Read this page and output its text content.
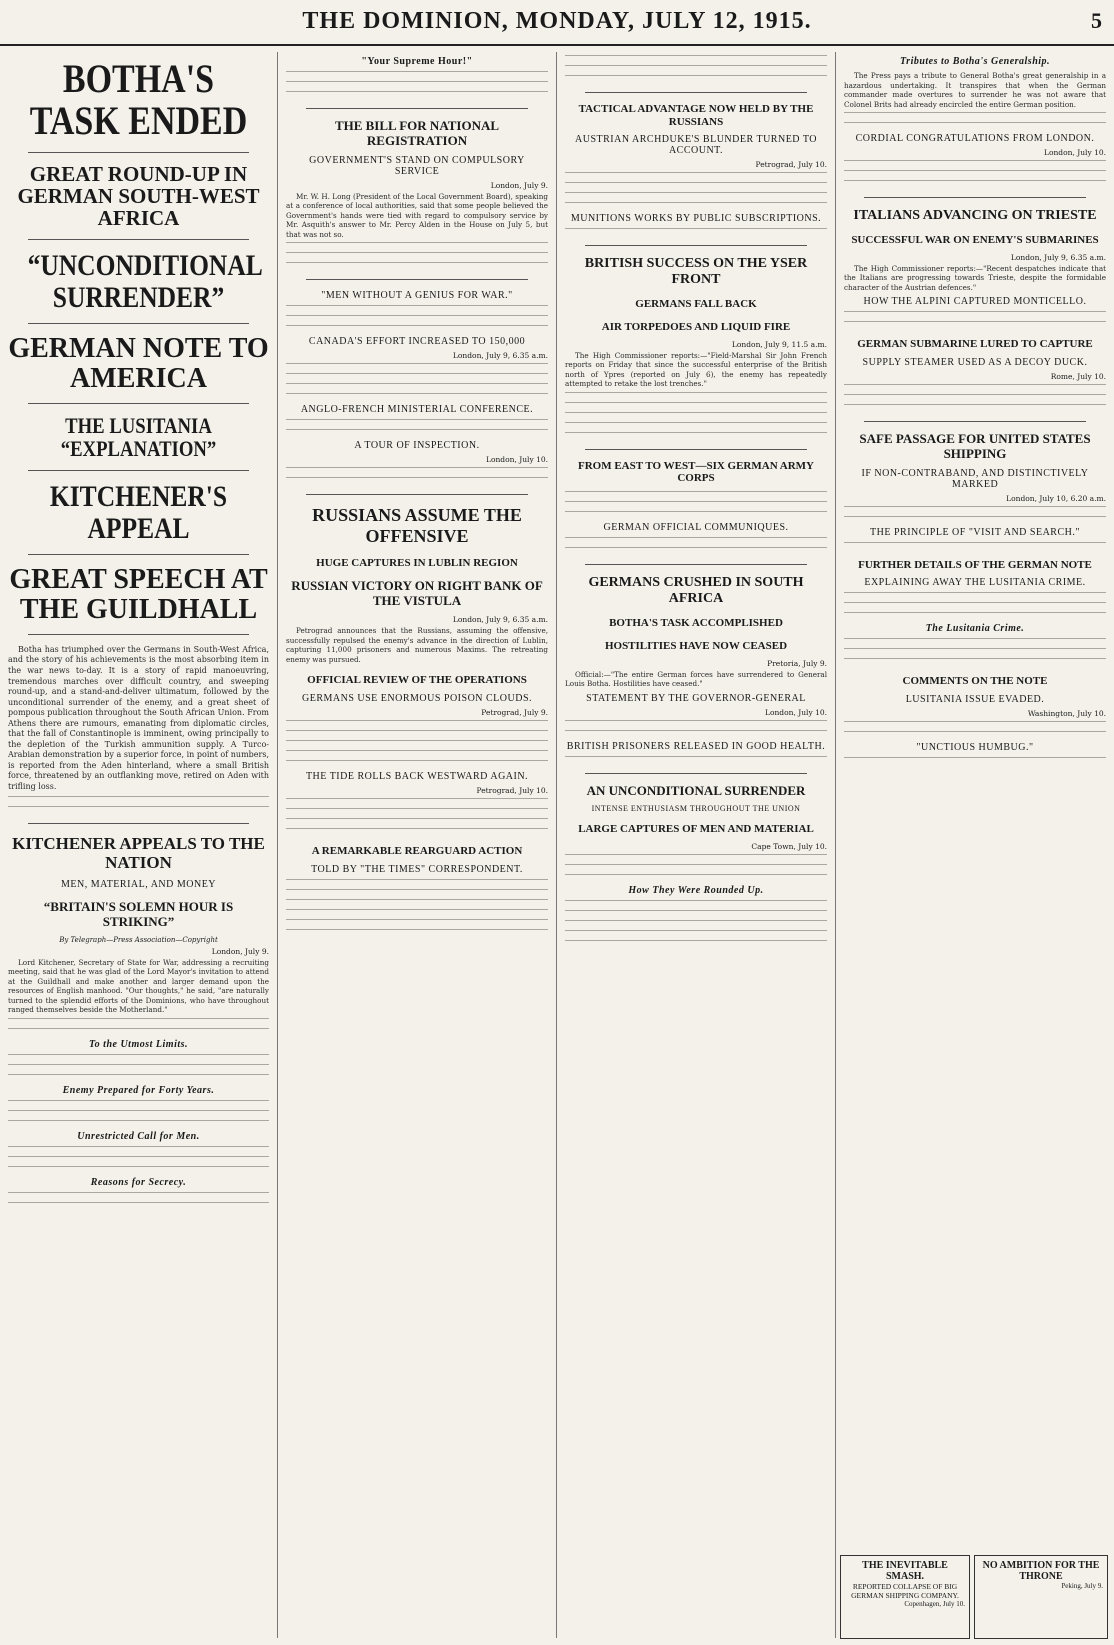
THE DOMINION, MONDAY, JULY 12, 1915.	5
BOTHA'S TASK ENDED
GREAT ROUND-UP IN GERMAN SOUTH-WEST AFRICA
“UNCONDITIONAL SURRENDER”
GERMAN NOTE TO AMERICA
THE LUSITANIA “EXPLANATION”
KITCHENER'S APPEAL
GREAT SPEECH AT THE GUILDHALL

Botha has triumphed over the Germans in South-West Africa, and the story of his achievements is the most absorbing item in the war news to-day. It is a story of rapid manoeuvring, tremendous marches over difficult country, and sweeping round-up, and a stand-and-deliver ultimatum, followed by the unconditional surrender of the enemy, and a great sheet of pompous publication throughout the South African Union. From Athens there are rumours, emanating from diplomatic circles, that the fall of Constantinople is imminent, owing principally to the depletion of the Turkish ammunition supply. A Turco-Arabian demonstration by a superior force, in point of numbers, is reported from the Aden hinterland, where a small British force, threatened by an outflanking move, retired on Aden with trifling loss.

KITCHENER APPEALS TO THE NATION
MEN, MATERIAL, AND MONEY
“BRITAIN'S SOLEMN HOUR IS STRIKING”
By Telegraph—Press Association—Copyright
London, July 9.

Lord Kitchener, Secretary of State for War, addressing a recruiting meeting, said that he was glad of the Lord Mayor's invitation to attend at the Guildhall and make another and larger demand upon the resources of English manhood. "Our thoughts," he said, "are naturally turned to the splendid efforts of the Dominions, who have throughout ranged themselves beside the Motherland."

To the Utmost Limits.
Enemy Prepared for Forty Years.
Unrestricted Call for Men.
Reasons for Secrecy.
"Your Supreme Hour!"
THE BILL FOR NATIONAL REGISTRATION
GOVERNMENT'S STAND ON COMPULSORY SERVICE
London, July 9.

Mr. W. H. Long (President of the Local Government Board), speaking at a conference of local authorities, said that some people believed the Government's hands were tied with regard to compulsory service by Mr. Asquith's answer to Mr. Percy Alden in the House on July 5, but that was not so.

"MEN WITHOUT A GENIUS FOR WAR."
CANADA'S EFFORT INCREASED TO 150,000
London, July 9, 6.35 a.m.
ANGLO-FRENCH MINISTERIAL CONFERENCE.
A TOUR OF INSPECTION.
London, July 10.
RUSSIANS ASSUME THE OFFENSIVE
HUGE CAPTURES IN LUBLIN REGION
RUSSIAN VICTORY ON RIGHT BANK OF THE VISTULA
London, July 9, 6.35 a.m.

Petrograd announces that the Russians, assuming the offensive, successfully repulsed the enemy's advance in the direction of Lublin, capturing 11,000 prisoners and numerous Maxims. The retreating enemy was pursued.

OFFICIAL REVIEW OF THE OPERATIONS
GERMANS USE ENORMOUS POISON CLOUDS.
Petrograd, July 9.
THE TIDE ROLLS BACK WESTWARD AGAIN.
Petrograd, July 10.
A REMARKABLE REARGUARD ACTION
TOLD BY "THE TIMES" CORRESPONDENT.
TACTICAL ADVANTAGE NOW HELD BY THE RUSSIANS
AUSTRIAN ARCHDUKE'S BLUNDER TURNED TO ACCOUNT.
Petrograd, July 10.
MUNITIONS WORKS BY PUBLIC SUBSCRIPTIONS.
BRITISH SUCCESS ON THE YSER FRONT
GERMANS FALL BACK
AIR TORPEDOES AND LIQUID FIRE
London, July 9, 11.5 a.m.

The High Commissioner reports:—"Field-Marshal Sir John French reports on Friday that since the successful enterprise of the British north of Ypres (reported on July 6), the enemy has repeatedly attempted to retake the lost trenches."

FROM EAST TO WEST—SIX GERMAN ARMY CORPS
GERMAN OFFICIAL COMMUNIQUES.
GERMANS CRUSHED IN SOUTH AFRICA
BOTHA'S TASK ACCOMPLISHED
HOSTILITIES HAVE NOW CEASED
Pretoria, July 9.

Official:—"The entire German forces have surrendered to General Louis Botha. Hostilities have ceased."

STATEMENT BY THE GOVERNOR-GENERAL
London, July 10.
BRITISH PRISONERS RELEASED IN GOOD HEALTH.
AN UNCONDITIONAL SURRENDER
INTENSE ENTHUSIASM THROUGHOUT THE UNION
LARGE CAPTURES OF MEN AND MATERIAL
Cape Town, July 10.
How They Were Rounded Up.
Tributes to Botha's Generalship.

The Press pays a tribute to General Botha's great generalship in a hazardous undertaking. It transpires that when the German commander made overtures to surrender he was not aware that Colonel Brits had already encircled the entire German position.

CORDIAL CONGRATULATIONS FROM LONDON.
London, July 10.
ITALIANS ADVANCING ON TRIESTE
SUCCESSFUL WAR ON ENEMY'S SUBMARINES
London, July 9, 6.35 a.m.

The High Commissioner reports:—"Recent despatches indicate that the Italians are progressing towards Trieste, despite the formidable character of the Austrian defences."

HOW THE ALPINI CAPTURED MONTICELLO.
GERMAN SUBMARINE LURED TO CAPTURE
SUPPLY STEAMER USED AS A DECOY DUCK.
Rome, July 10.
SAFE PASSAGE FOR UNITED STATES SHIPPING
IF NON-CONTRABAND, AND DISTINCTIVELY MARKED
London, July 10, 6.20 a.m.
THE PRINCIPLE OF "VISIT AND SEARCH."
FURTHER DETAILS OF THE GERMAN NOTE
EXPLAINING AWAY THE LUSITANIA CRIME.
The Lusitania Crime.
COMMENTS ON THE NOTE
LUSITANIA ISSUE EVADED.
Washington, July 10.
"UNCTIOUS HUMBUG."
THE INEVITABLE SMASH.
REPORTED COLLAPSE OF BIG GERMAN SHIPPING COMPANY.
Copenhagen, July 10.
NO AMBITION FOR THE THRONE
Peking, July 9.
